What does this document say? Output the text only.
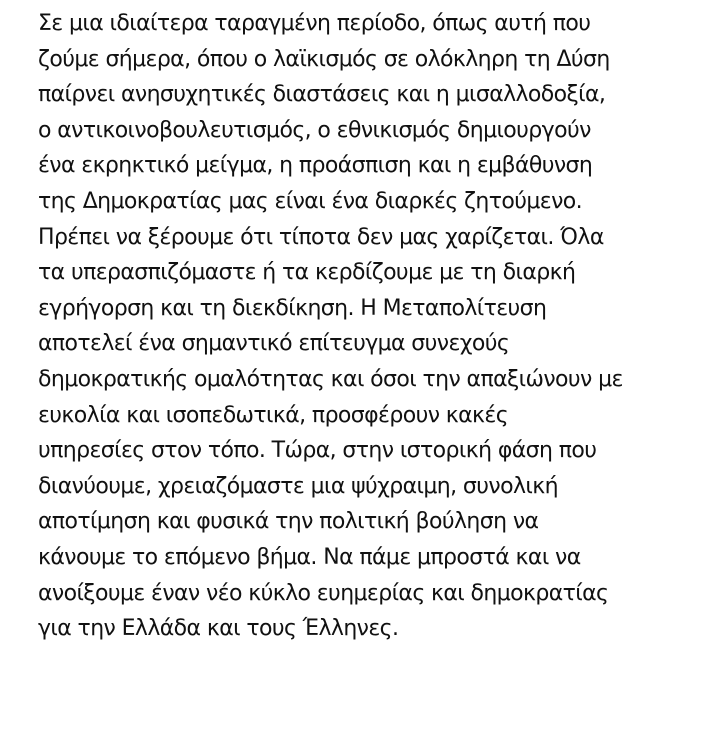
Σε μια ιδιαίτερα ταραγμένη περίοδο, όπως αυτή που
ζούμε σήμερα, όπου ο λαϊκισμός σε ολόκληρη τη Δύση
παίρνει ανησυχητικές διαστάσεις και η μισαλλοδοξία,
ο αντικοινοβουλευτισμός, ο εθνικισμός δημιουργούν
ένα εκρηκτικό μείγμα, η προάσπιση και η εμβάθυνση
της Δημοκρατίας μας είναι ένα διαρκές ζητούμενο.
Πρέπει να ξέρουμε ότι τίποτα δεν μας χαρίζεται. Όλα
τα υπερασπιζόμαστε ή τα κερδίζουμε με τη διαρκή
εγρήγορση και τη διεκδίκηση. Η Μεταπολίτευση
αποτελεί ένα σημαντικό επίτευγμα συνεχούς
δημοκρατικής ομαλότητας και όσοι την απαξιώνουν με
ευκολία και ισοπεδωτικά, προσφέρουν κακές
υπηρεσίες στον τόπο. Τώρα, στην ιστορική φάση που
διανύουμε, χρειαζόμαστε μια ψύχραιμη, συνολική
αποτίμηση και φυσικά την πολιτική βούληση να
κάνουμε το επόμενο βήμα. Να πάμε μπροστά και να
ανοίξουμε έναν νέο κύκλο ευημερίας και δημοκρατίας
για την Ελλάδα και τους Έλληνες.
